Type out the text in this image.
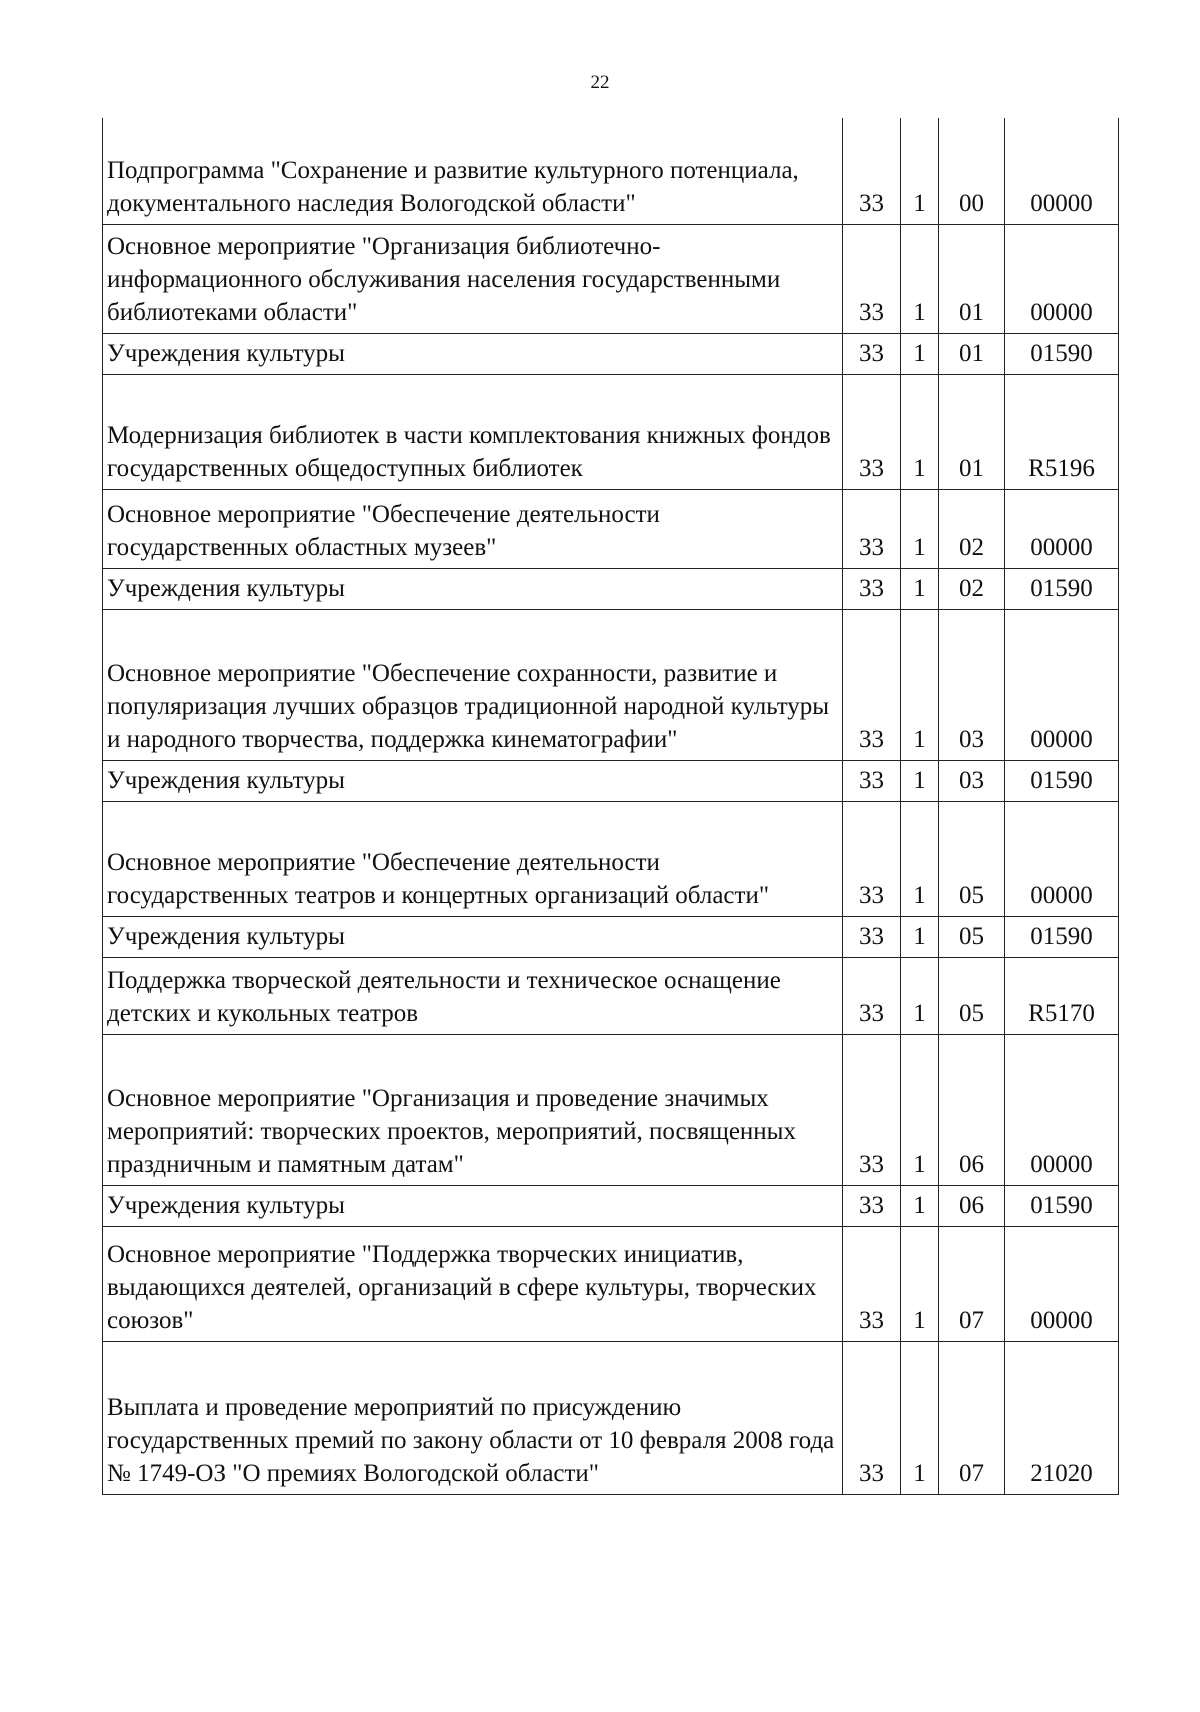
22
Подпрограмма "Сохранение и развитие культурного потенциала, документального наследия Вологодской области"	33	1	00	00000
Основное мероприятие "Организация библиотечно-информационного обслуживания населения государственными библиотеками области"	33	1	01	00000
Учреждения культуры	33	1	01	01590
Модернизация библиотек в части комплектования книжных фондов государственных общедоступных библиотек	33	1	01	R5196
Основное мероприятие "Обеспечение деятельности государственных областных музеев"	33	1	02	00000
Учреждения культуры	33	1	02	01590
Основное мероприятие "Обеспечение сохранности, развитие и популяризация лучших образцов традиционной народной культуры и народного творчества, поддержка кинематографии"	33	1	03	00000
Учреждения культуры	33	1	03	01590
Основное мероприятие "Обеспечение деятельности государственных театров и концертных организаций области"	33	1	05	00000
Учреждения культуры	33	1	05	01590
Поддержка творческой деятельности и техническое оснащение детских и кукольных театров	33	1	05	R5170
Основное мероприятие "Организация и проведение значимых мероприятий: творческих проектов, мероприятий, посвященных праздничным и памятным датам"	33	1	06	00000
Учреждения культуры	33	1	06	01590
Основное мероприятие "Поддержка творческих инициатив, выдающихся деятелей, организаций в сфере культуры, творческих союзов"	33	1	07	00000
Выплата и проведение мероприятий по присуждению государственных премий по закону области от 10 февраля 2008 года № 1749-ОЗ "О премиях Вологодской области"	33	1	07	21020
